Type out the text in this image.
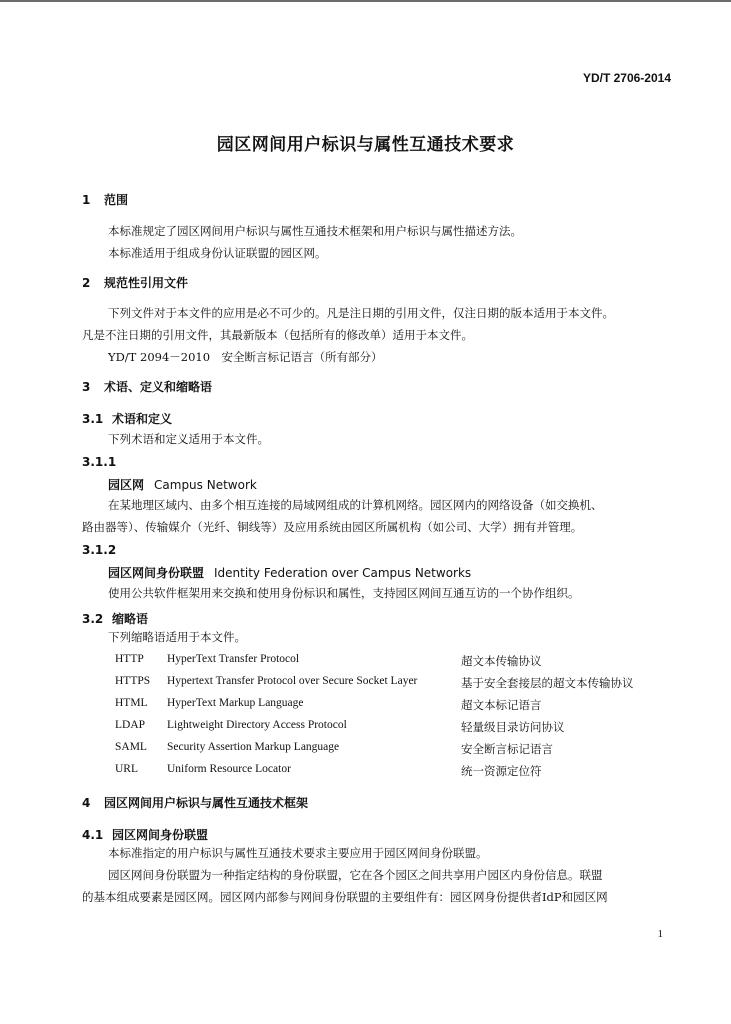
YD/T 2706-2014
园区网间用户标识与属性互通技术要求
1 范围
本标准规定了园区网间用户标识与属性互通技术框架和用户标识与属性描述方法。
本标准适用于组成身份认证联盟的园区网。
2 规范性引用文件
下列文件对于本文件的应用是必不可少的。凡是注日期的引用文件，仅注日期的版本适用于本文件。
凡是不注日期的引用文件，其最新版本（包括所有的修改单）适用于本文件。
YD/T 2094－2010　安全断言标记语言（所有部分）
3 术语、定义和缩略语
3.1 术语和定义
下列术语和定义适用于本文件。
3.1.1
园区网 Campus Network
在某地理区域内、由多个相互连接的局域网组成的计算机网络。园区网内的网络设备（如交换机、
路由器等）、传输媒介（光纤、铜线等）及应用系统由园区所属机构（如公司、大学）拥有并管理。
3.1.2
园区网间身份联盟 Identity Federation over Campus Networks
使用公共软件框架用来交换和使用身份标识和属性，支持园区网间互通互访的一个协作组织。
3.2 缩略语
下列缩略语适用于本文件。
HTTP HyperText Transfer Protocol	超文本传输协议
HTTPS Hypertext Transfer Protocol over Secure Socket Layer	基于安全套接层的超文本传输协议
HTML HyperText Markup Language	超文本标记语言
LDAP Lightweight Directory Access Protocol	轻量级目录访问协议
SAML Security Assertion Markup Language	安全断言标记语言
URL	Uniform Resource Locator	统一资源定位符
4 园区网间用户标识与属性互通技术框架
4.1 园区网间身份联盟
本标准指定的用户标识与属性互通技术要求主要应用于园区网间身份联盟。
园区网间身份联盟为一种指定结构的身份联盟，它在各个园区之间共享用户园区内身份信息。联盟
的基本组成要素是园区网。园区网内部参与网间身份联盟的主要组件有：园区网身份提供者IdP和园区网
1
